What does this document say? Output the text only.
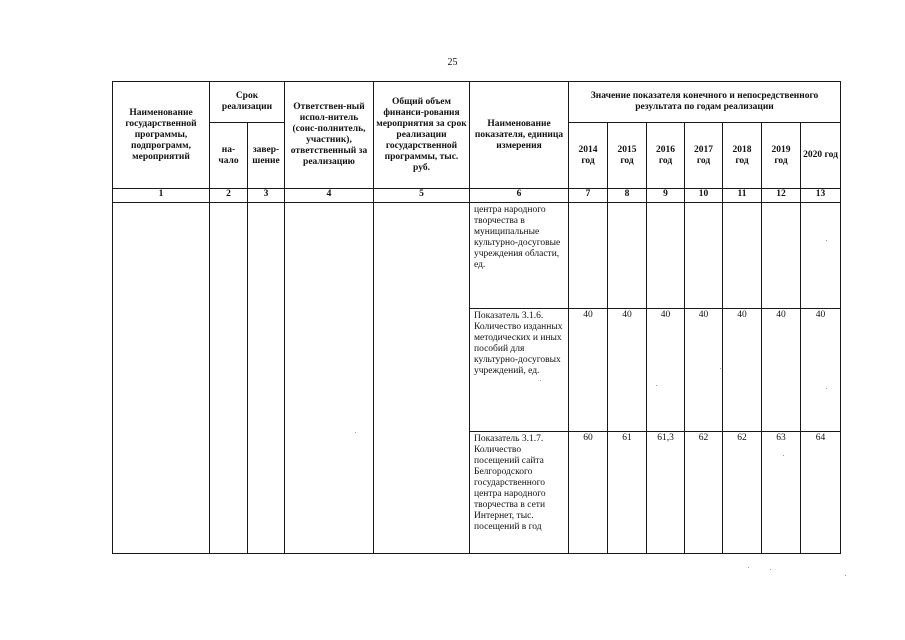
25
Наименование государственной программы, подпрограмм, мероприятий	Срок реализации		Ответствен-ный испол-нитель (соис-полнитель, участник), ответственный за реализацию	Общий объем финанси-рования мероприятия за срок реализации государственной программы, тыс. руб.	Наименование показателя, единица измерения	Значение показателя конечного и непосредственного результата по годам реализации						
	на-чало	завер-шение				2014 год	2015 год	2016 год	2017 год	2018 год	2019 год	2020 год
1	2	3	4	5	6	7	8	9	10	11	12	13
					центра народного творчества в муниципальные культурно-досуговые учреждения области, ед.							
					Показатель 3.1.6. Количество изданных методических и иных пособий для культурно-досуговых учреждений, ед.	40	40	40	40	40	40	40
					Показатель 3.1.7. Количество посещений сайта Белгородского государственного центра народного творчества в сети Интернет, тыс. посещений в год	60	61	61,3	62	62	63	64
